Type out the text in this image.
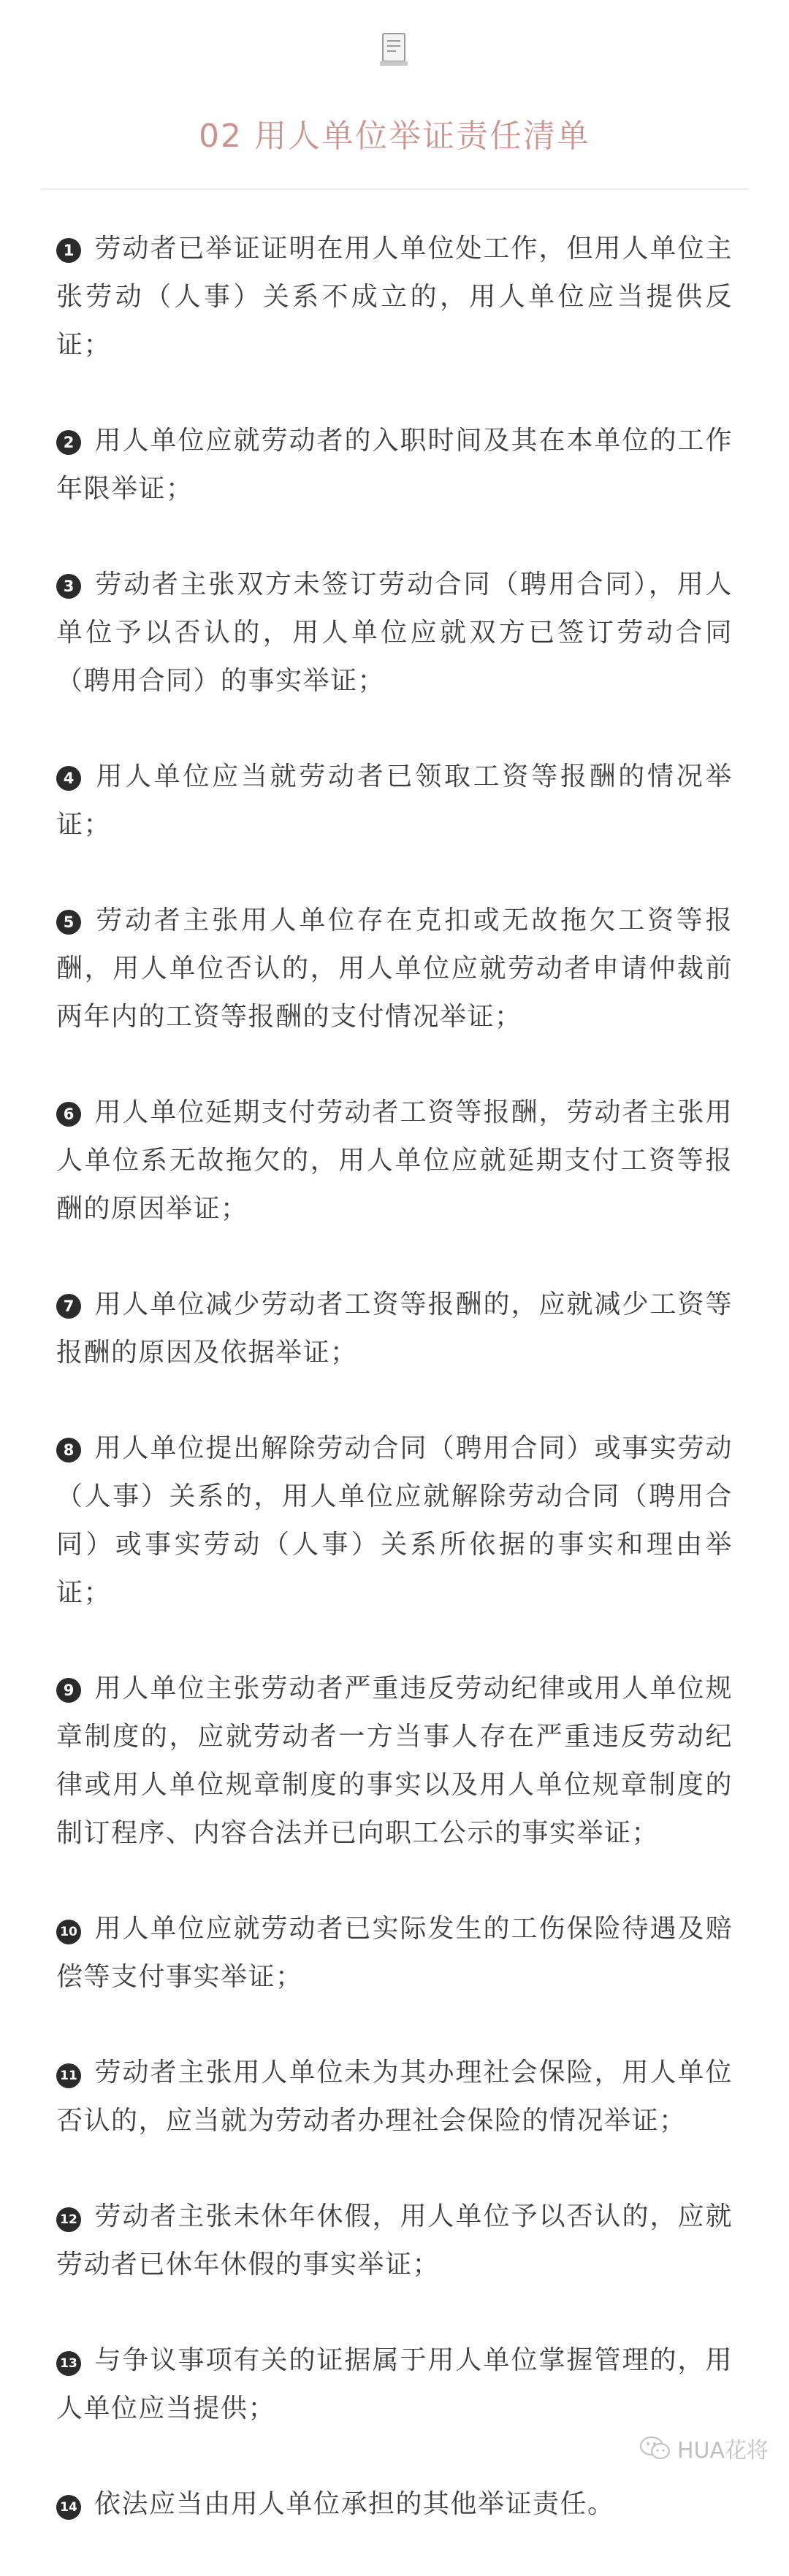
02 用人单位举证责任清单
1 劳动者已举证证明在用人单位处工作，但用人单位主张劳动（人事）关系不成立的，用人单位应当提供反证；
2 用人单位应就劳动者的入职时间及其在本单位的工作年限举证；
3 劳动者主张双方未签订劳动合同（聘用合同），用人单位予以否认的，用人单位应就双方已签订劳动合同（聘用合同）的事实举证；
4 用人单位应当就劳动者已领取工资等报酬的情况举证；
5 劳动者主张用人单位存在克扣或无故拖欠工资等报酬，用人单位否认的，用人单位应就劳动者申请仲裁前两年内的工资等报酬的支付情况举证；
6 用人单位延期支付劳动者工资等报酬，劳动者主张用人单位系无故拖欠的，用人单位应就延期支付工资等报酬的原因举证；
7 用人单位减少劳动者工资等报酬的，应就减少工资等报酬的原因及依据举证；
8 用人单位提出解除劳动合同（聘用合同）或事实劳动（人事）关系的，用人单位应就解除劳动合同（聘用合同）或事实劳动（人事）关系所依据的事实和理由举证；
9 用人单位主张劳动者严重违反劳动纪律或用人单位规章制度的，应就劳动者一方当事人存在严重违反劳动纪律或用人单位规章制度的事实以及用人单位规章制度的制订程序、内容合法并已向职工公示的事实举证；
10 用人单位应就劳动者已实际发生的工伤保险待遇及赔偿等支付事实举证；
11 劳动者主张用人单位未为其办理社会保险，用人单位否认的，应当就为劳动者办理社会保险的情况举证；
12 劳动者主张未休年休假，用人单位予以否认的，应就劳动者已休年休假的事实举证；
13 与争议事项有关的证据属于用人单位掌握管理的，用人单位应当提供；
14 依法应当由用人单位承担的其他举证责任。
HUA花将
